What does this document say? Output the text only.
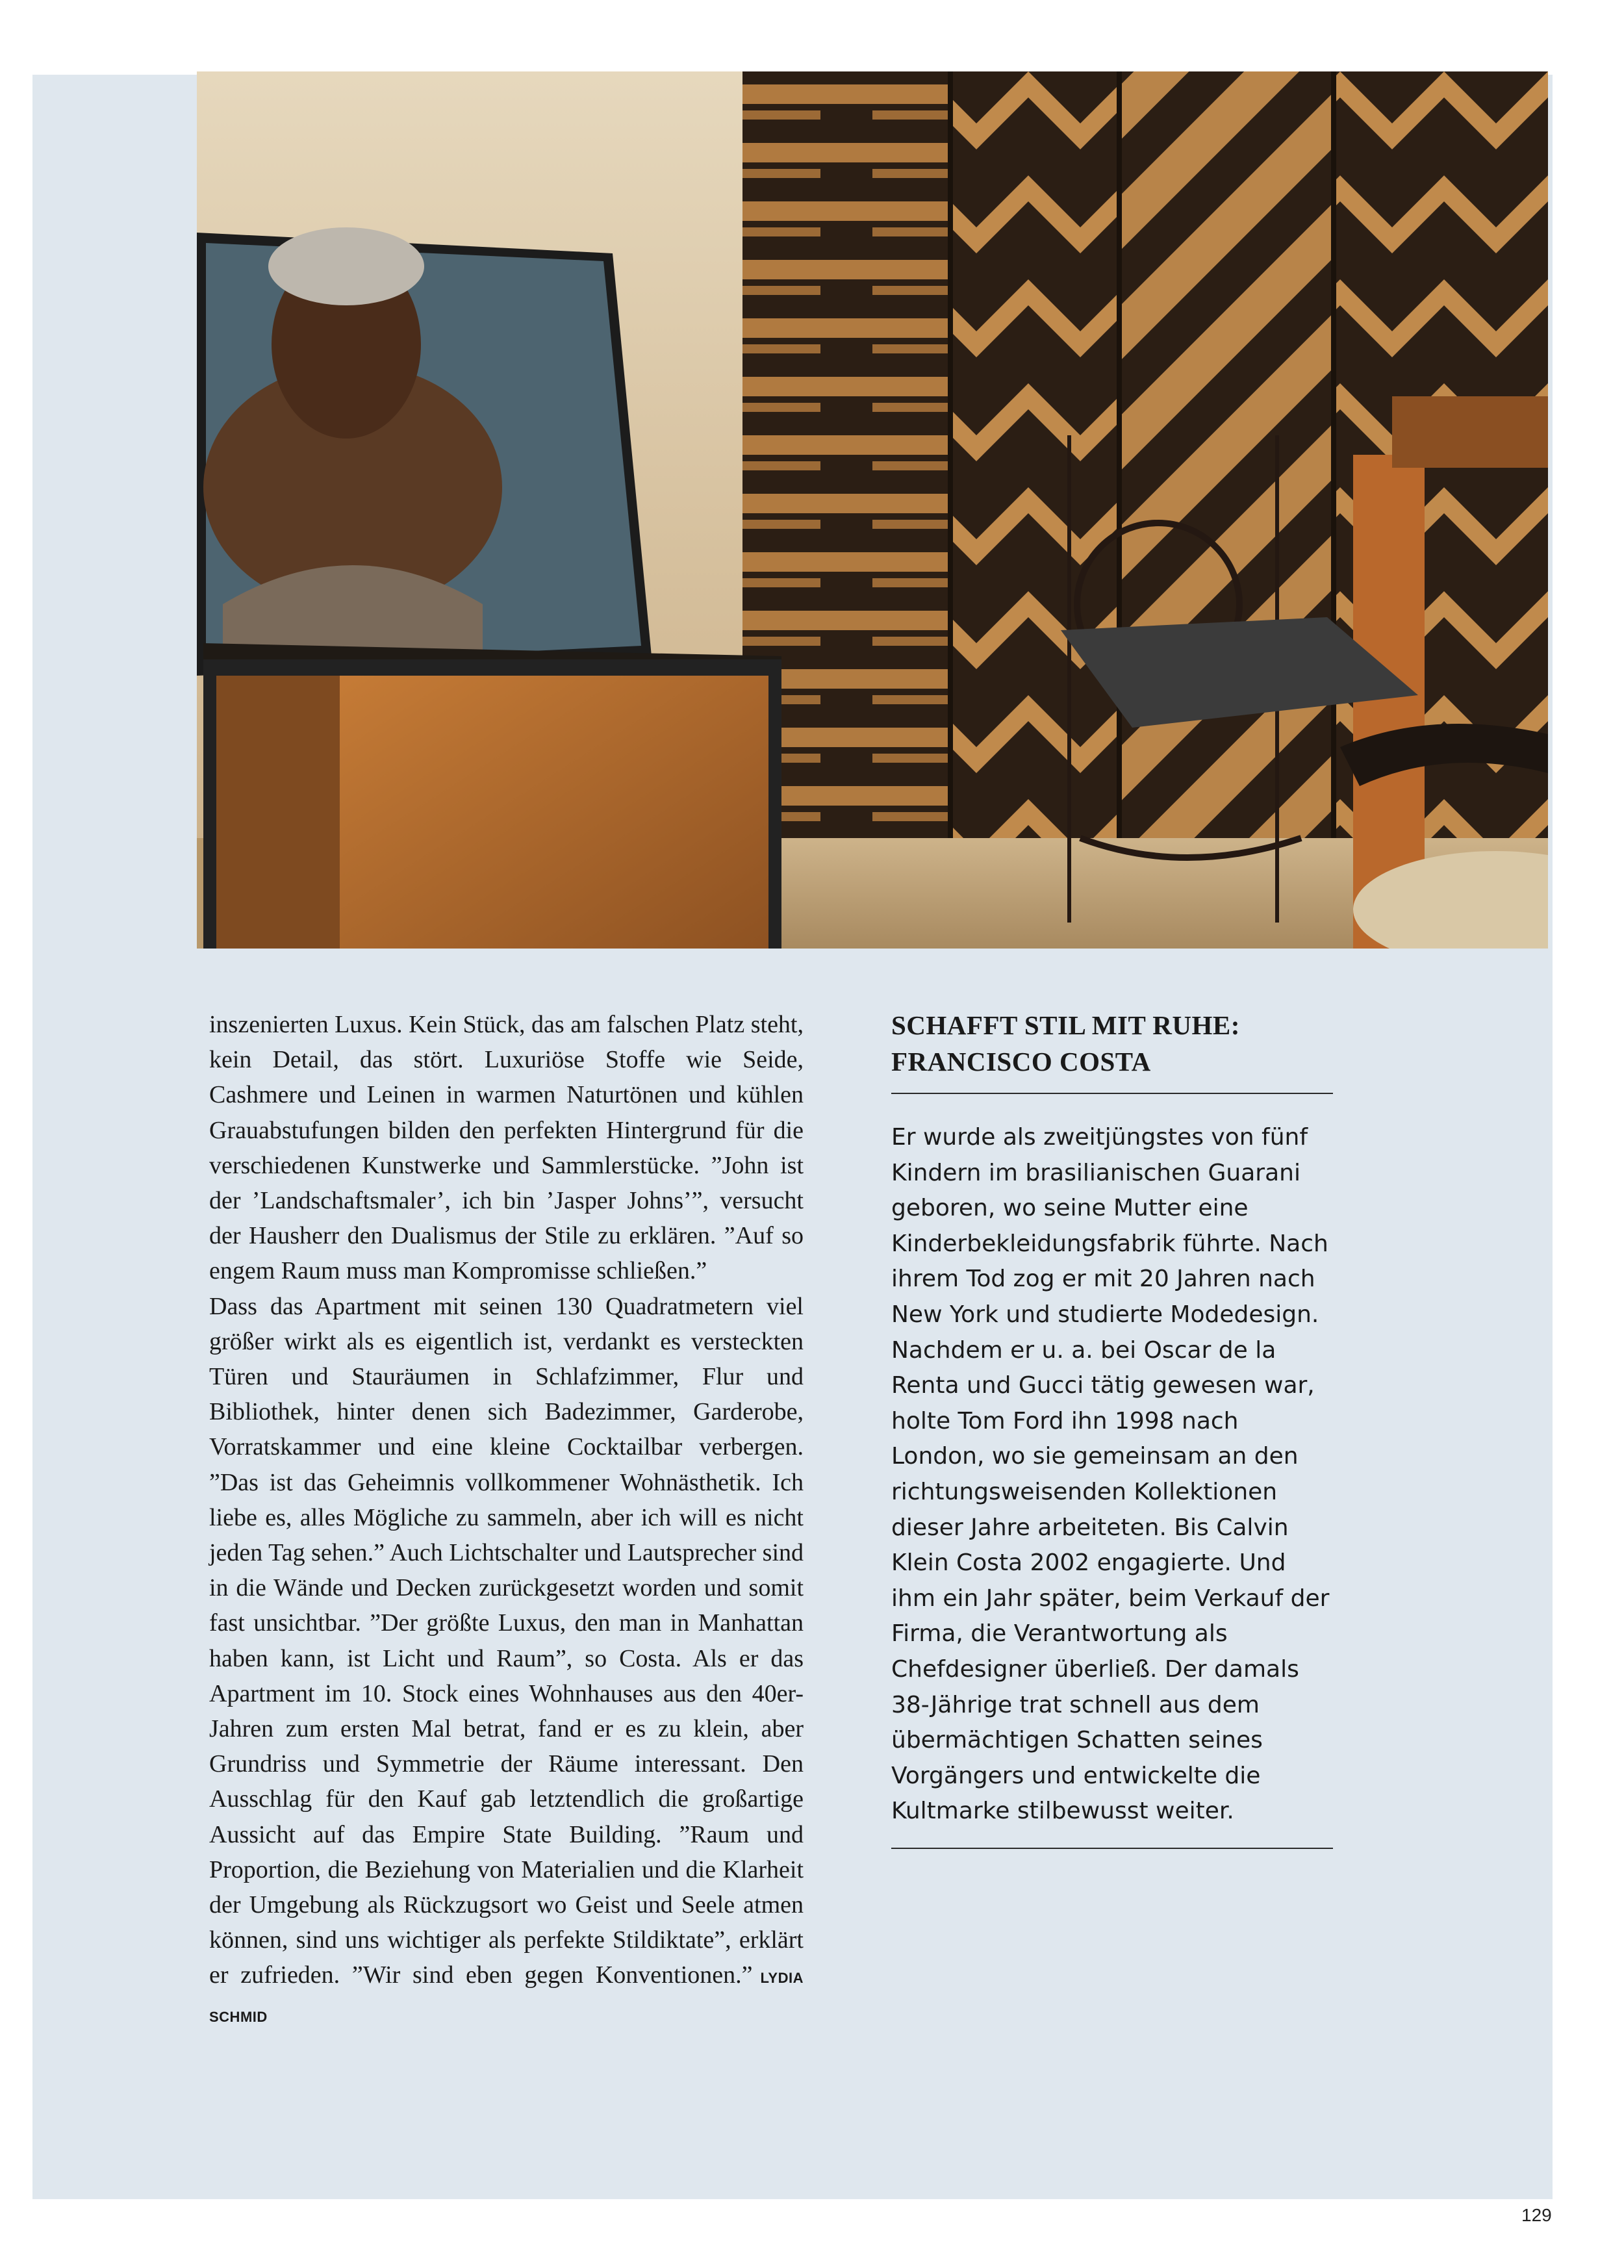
inszenierten Luxus. Kein Stück, das am falschen Platz steht, kein Detail, das stört. Luxuriöse Stoffe wie Seide, Cashmere und Leinen in warmen Naturtönen und kühlen Grauabstufungen bilden den perfekten Hintergrund für die verschiedenen Kunstwerke und Sammlerstücke. ”John ist der ’Landschaftsmaler’, ich bin ’Jasper Johns’”, versucht der Hausherr den Dualismus der Stile zu erklären. ”Auf so engem Raum muss man Kompromisse schließen.”

Dass das Apartment mit seinen 130 Quadratmetern viel größer wirkt als es eigentlich ist, verdankt es versteckten Türen und Stauräumen in Schlafzimmer, Flur und Bibliothek, hinter denen sich Badezimmer, Garderobe, Vorratskammer und eine kleine Cocktailbar verbergen. ”Das ist das Geheimnis vollkommener Wohnästhetik. Ich liebe es, alles Mögliche zu sammeln, aber ich will es nicht jeden Tag sehen.” Auch Lichtschalter und Lautsprecher sind in die Wände und Decken zurückgesetzt worden und somit fast unsichtbar. ”Der größte Luxus, den man in Manhattan haben kann, ist Licht und Raum”, so Costa. Als er das Apartment im 10. Stock eines Wohnhauses aus den 40er-Jahren zum ersten Mal betrat, fand er es zu klein, aber Grundriss und Symmetrie der Räume interessant. Den Ausschlag für den Kauf gab letztendlich die großartige Aussicht auf das Empire State Building. ”Raum und Proportion, die Beziehung von Materialien und die Klarheit der Umgebung als Rückzugsort wo Geist und Seele atmen können, sind uns wichtiger als perfekte Stildiktate”, erklärt er zufrieden. ”Wir sind eben gegen Konventionen.” LYDIA SCHMID

SCHAFFT STIL MIT RUHE:
FRANCISCO COSTA

Er wurde als zweitjüngstes von fünf Kindern im brasilianischen Guarani geboren, wo seine Mutter eine Kinderbekleidungsfabrik führte. Nach ihrem Tod zog er mit 20 Jahren nach New York und studierte Modedesign. Nachdem er u. a. bei Oscar de la Renta und Gucci tätig gewesen war, holte Tom Ford ihn 1998 nach London, wo sie gemeinsam an den richtungsweisenden Kollektionen dieser Jahre arbeiteten. Bis Calvin Klein Costa 2002 engagierte. Und ihm ein Jahr später, beim Verkauf der Firma, die Verantwortung als Chefdesigner überließ. Der damals 38-Jährige trat schnell aus dem übermächtigen Schatten seines Vorgängers und entwickelte die Kultmarke stilbewusst weiter.

129
